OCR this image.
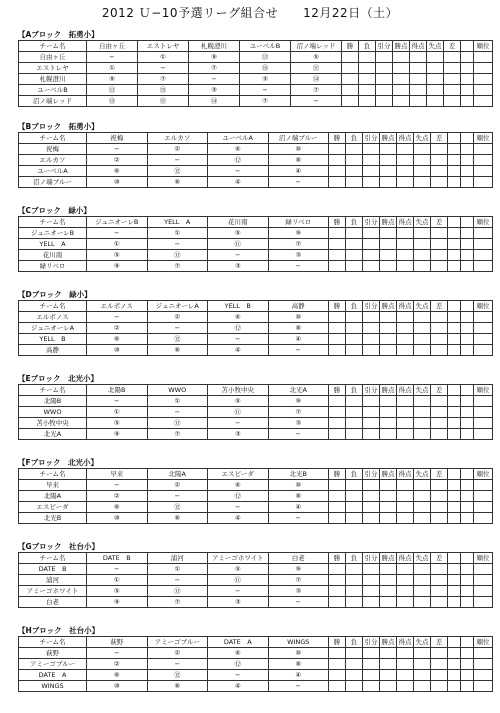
2012 Ｕ−10予選リーグ組合せ　　12月22日（土）
【Aブロック　拓勇小】
チーム名	自由ヶ丘	エストレヤ	札幌澄川	ユーベルB	沼ノ端レッド	勝	負	引分	勝点	得点	失点	差		順位
自由ヶ丘	−	①	⑨	⑬	⑤									
エストレヤ	①	−	⑦	⑮	⑪									
札幌澄川	⑨	⑦	−	③	⑭									
ユーベルB	⑬	⑮	③	−	⑦									
沼ノ端レッド	⑮	⑪	⑭	⑦	−									
【Bブロック　拓勇小】
チーム名	祝梅	エルカソ	ユーベルA	沼ノ端ブルー	勝	負	引分	勝点	得点	失点	差			順位
祝梅	−	②	⑥	⑩										
エルカソ	②	−	⑫	⑧										
ユーベルA	⑥	⑫	−	④										
沼ノ端ブルー	⑩	⑧	④	−										
【Cブロック　緑小】
チーム名	ジュニオーレB	YELL　A	花川南	緑リベロ	勝	負	引分	勝点	得点	失点	差			順位
ジュニオーレB	−	①	⑤	⑨										
YELL　A	①	−	⑪	⑦										
花川南	⑤	⑪	−	③										
緑リベロ	⑨	⑦	③	−										
【Dブロック　緑小】
チーム名	エルボノス	ジュニオーレA	YELL　B	高静	勝	負	引分	勝点	得点	失点	差			順位
エルボノス	−	②	⑥	⑩										
ジュニオーレA	②	−	⑫	⑧										
YELL　B	⑥	⑫	−	④										
高静	⑩	⑧	④	−										
【Eブロック　北光小】
チーム名	北陽B	WWO	苫小牧中央	北光A	勝	負	引分	勝点	得点	失点	差			順位
北陽B	−	①	⑤	⑨										
WWO	①	−	⑪	⑦										
苫小牧中央	⑤	⑪	−	③										
北光A	⑨	⑦	③	−										
【Fブロック　北光小】
チーム名	早来	北陽A	エスピーダ	北光B	勝	負	引分	勝点	得点	失点	差			順位
早来	−	②	⑥	⑩										
北陽A	②	−	⑫	⑧										
エスピーダ	⑥	⑫	−	④										
北光B	⑩	⑧	④	−										
【Gブロック　社台小】
チーム名	DATE　B	浦河	アミーゴホワイト	白老	勝	負	引分	勝点	得点	失点	差			順位
DATE　B	−	①	⑤	⑨										
浦河	①	−	⑪	⑦										
アミーゴホワイト	⑤	⑪	−	③										
白老	⑨	⑦	③	−										
【Hブロック　社台小】
チーム名	萩野	アミーゴブルー	DATE　A	WINGS	勝	負	引分	勝点	得点	失点	差			順位
萩野	−	②	⑥	⑩										
アミーゴブルー	②	−	⑫	⑧										
DATE　A	⑥	⑫	−	④										
WINGS	⑩	⑧	④	−										
